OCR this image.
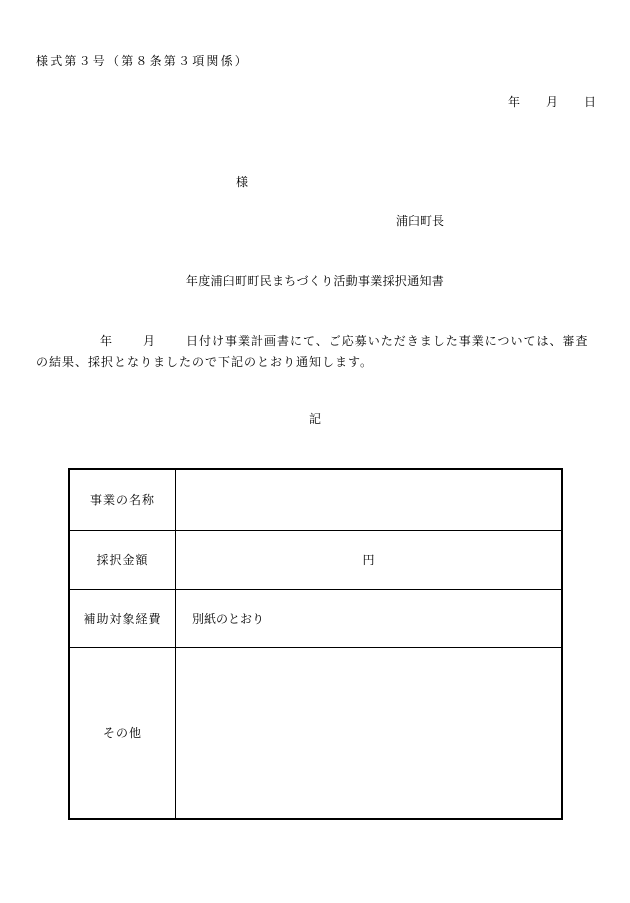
様式第３号（第８条第３項関係）
年 月 日
様
浦臼町長
年度浦臼町町民まちづくり活動事業採択通知書
年	月	日付け事業計画書にて、ご応募いただきました事業については、審査の結果、採択となりましたので下記のとおり通知します。
記
事業の名称	
採択金額	円
補助対象経費	別紙のとおり
その他	
